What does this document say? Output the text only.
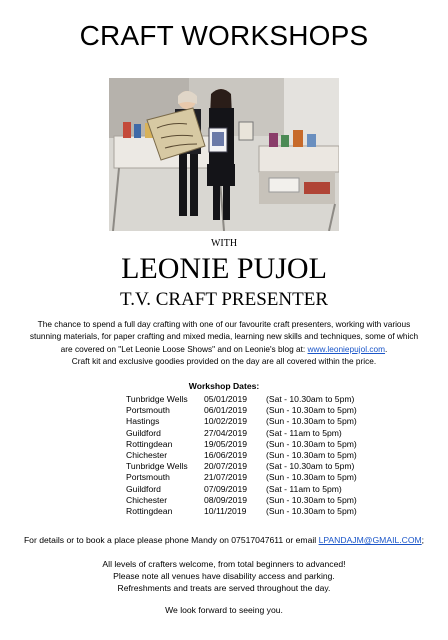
CRAFT WORKSHOPS
WITH
LEONIE PUJOL
T.V. CRAFT PRESENTER
The chance to spend a full day crafting with one of our favourite craft presenters, working with various
stunning materials, for paper crafting and mixed media, learning new skills and techniques, some of which
are covered on "Let Leonie Loose Shows" and on Leonie's blog at: www.leoniepujol.com.
Craft kit and exclusive goodies provided on the day are all covered within the price.
Workshop Dates:
Tunbridge Wells	05/01/2019	(Sat - 10.30am to 5pm)
Portsmouth	06/01/2019	(Sun - 10.30am to 5pm)
Hastings	10/02/2019	(Sun - 10.30am to 5pm)
Guildford	27/04/2019	(Sat - 11am to 5pm)
Rottingdean	19/05/2019	(Sun - 10.30am to 5pm)
Chichester	16/06/2019	(Sun - 10.30am to 5pm)
Tunbridge Wells	20/07/2019	(Sat - 10.30am to 5pm)
Portsmouth	21/07/2019	(Sun - 10.30am to 5pm)
Guildford	07/09/2019	(Sat - 11am to 5pm)
Chichester	08/09/2019	(Sun - 10.30am to 5pm)
Rottingdean	10/11/2019	(Sun - 10.30am to 5pm)
For details or to book a place please phone Mandy on 07517047611 or email LPANDAJM@GMAIL.COM;
All levels of crafters welcome, from total beginners to advanced!
Please note all venues have disability access and parking.
Refreshments and treats are served throughout the day.
We look forward to seeing you.
